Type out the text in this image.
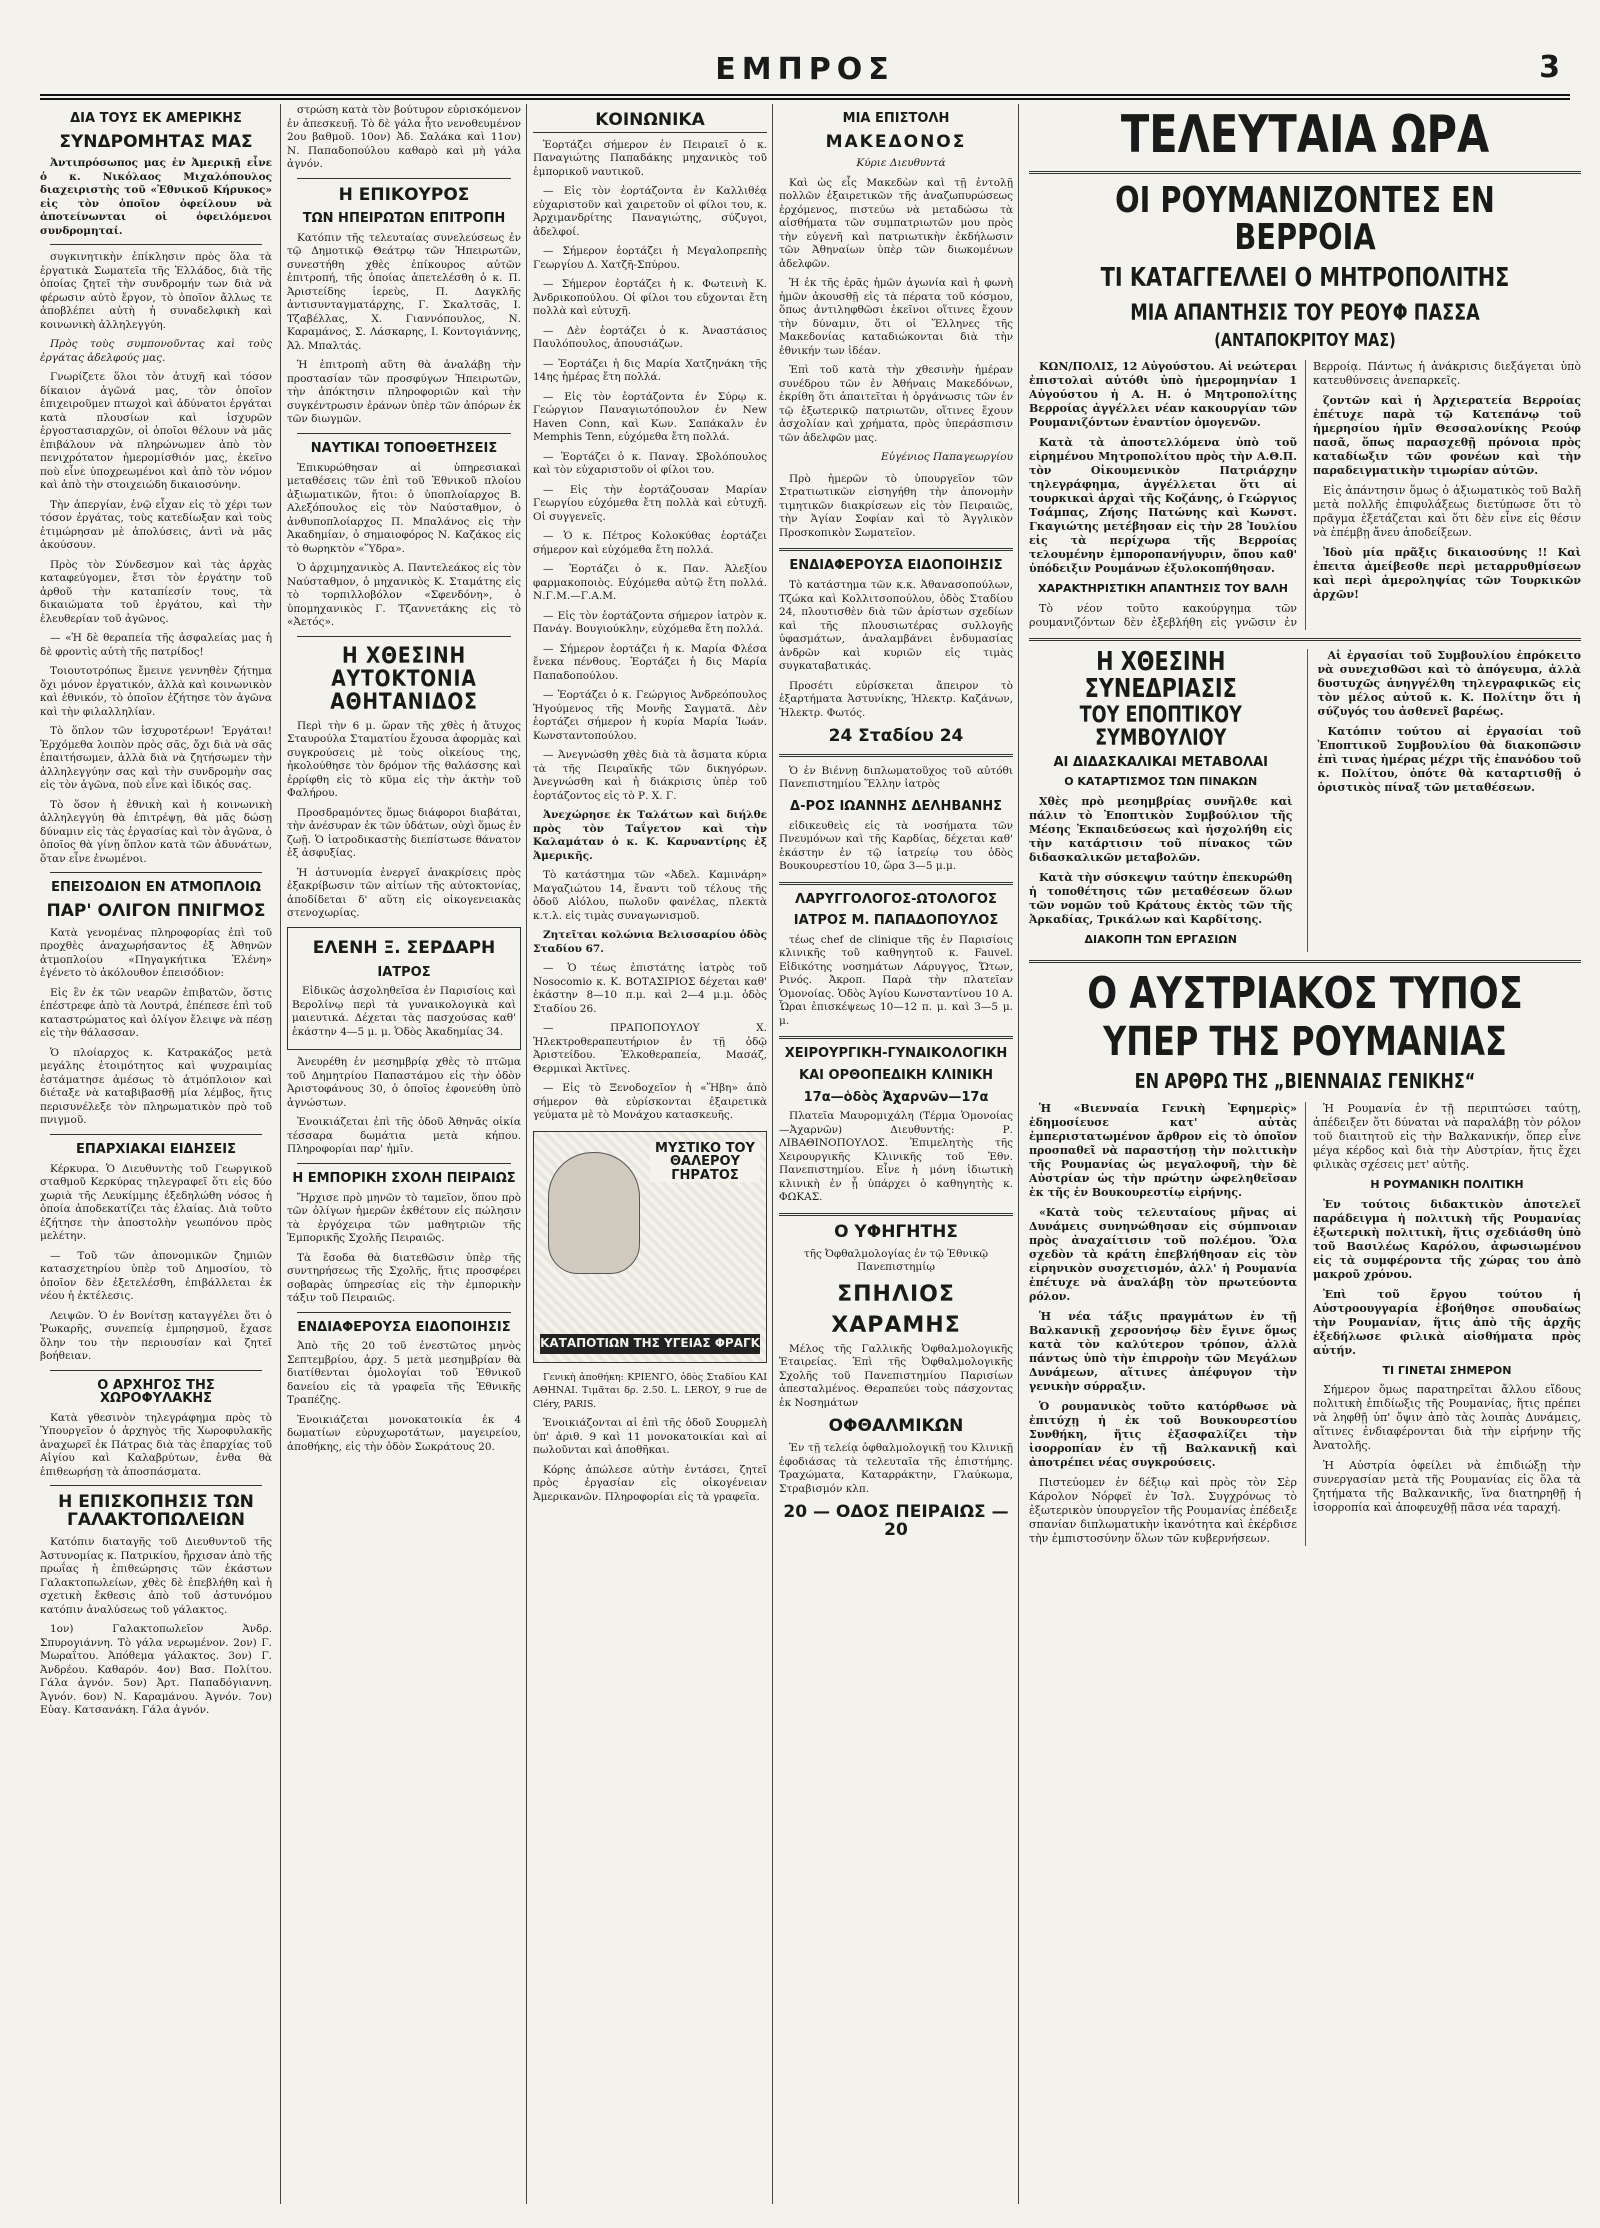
ΕΜΠΡΟΣ	3
ΔΙΑ ΤΟΥΣ ΕΚ ΑΜΕΡΙΚΗΣ
ΣΥΝΔΡΟΜΗΤΑΣ ΜΑΣ

Ἀντιπρόσωπος μας ἐν Ἀμερικῇ εἶνε ὁ κ. Νικόλαος Μιχαλόπουλος διαχειριστὴς τοῦ «Ἐθνικοῦ Κήρυκος» εἰς τὸν ὁποῖον ὀφείλουν νὰ ἀποτείνωνται οἱ ὀφειλόμενοι συνδρομηταί.

συγκινητικὴν ἐπίκλησιν πρὸς ὅλα τὰ ἐργατικὰ Σωματεῖα τῆς Ἑλλάδος, διὰ τῆς ὁποίας ζητεῖ τὴν συνδρομήν των διὰ νὰ φέρωσιν αὐτὸ ἔργον, τὸ ὁποῖον ἄλλως τε ἀποβλέπει αὐτὴ ἡ συναδελφικὴ καὶ κοινωνικὴ ἀλληλεγγύη.

Πρὸς τοὺς συμπονοῦντας καὶ τοὺς ἐργάτας ἀδελφούς μας.

Γνωρίζετε ὅλοι τὸν ἀτυχῆ καὶ τόσον δίκαιον ἀγῶνά μας, τὸν ὁποῖον ἐπιχειροῦμεν πτωχοὶ καὶ ἀδύνατοι ἐργάται κατὰ πλουσίων καὶ ἰσχυρῶν ἐργοστασιαρχῶν, οἱ ὁποῖοι θέλουν νὰ μᾶς ἐπιβάλουν νὰ πληρώνωμεν ἀπὸ τὸν πενιχρότατον ἡμερομίσθιόν μας, ἐκεῖνο ποὺ εἶνε ὑποχρεωμένοι καὶ ἀπὸ τὸν νόμον καὶ ἀπὸ τὴν στοιχειώδη δικαιοσύνην.

Τὴν ἀπεργίαν, ἐνῷ εἶχαν εἰς τὸ χέρι των τόσον ἐργάτας, τοὺς κατεδίωξαν καὶ τοὺς ἐτιμώρησαν μὲ ἀπολύσεις, ἀντὶ νὰ μᾶς ἀκούσουν.

Πρὸς τὸν Σύνδεσμον καὶ τὰς ἀρχὰς καταφεύγομεν, ἔτσι τὸν ἐργάτην τοῦ ἀρθοῦ τὴν καταπίεσίν τους, τὰ δικαιώματα τοῦ ἐργάτου, καὶ τὴν ἐλευθερίαν τοῦ ἀγῶνος.

— «Ἡ δὲ θεραπεία τῆς ἀσφαλείας μας ἡ δὲ φροντὶς αὐτὴ τῆς πατρίδος!

Τοιουτοτρόπως ἔμεινε γεννηθὲν ζήτημα ὄχι μόνον ἐργατικόν, ἀλλὰ καὶ κοινωνικὸν καὶ ἐθνικόν, τὸ ὁποῖον ἐζήτησε τὸν ἀγῶνα καὶ τὴν φιλαλληλίαν.

Τὸ ὅπλον τῶν ἰσχυροτέρων! Ἐργάται! Ἐρχόμεθα λοιπὸν πρὸς σᾶς, ὄχι διὰ νὰ σᾶς ἐπαιτήσωμεν, ἀλλὰ διὰ νὰ ζητήσωμεν τὴν ἀλληλεγγύην σας καὶ τὴν συνδρομὴν σας εἰς τὸν ἀγῶνα, ποὺ εἶνε καὶ ἰδικός σας.

Τὸ ὅσον ἡ ἐθνικὴ καὶ ἡ κοινωνικὴ ἀλληλεγγύη θὰ ἐπιτρέψῃ, θὰ μᾶς δώσῃ δύναμιν εἰς τὰς ἐργασίας καὶ τὸν ἀγῶνα, ὁ ὁποῖος θὰ γίνῃ ὅπλον κατὰ τῶν ἀδυνάτων, ὅταν εἶνε ἑνωμένοι.

ΕΠΕΙΣΟΔΙΟΝ ΕΝ ΑΤΜΟΠΛΟΙΩ
ΠΑΡ' ΟΛΙΓΟΝ ΠΝΙΓΜΟΣ

Κατὰ γενομένας πληροφορίας ἐπὶ τοῦ προχθὲς ἀναχωρήσαντος ἐξ Ἀθηνῶν ἀτμοπλοίου «Πηγαγκήτικα Ἑλένη» ἐγένετο τὸ ἀκόλουθον ἐπεισόδιον:

Εἰς ἓν ἐκ τῶν νεαρῶν ἐπιβατῶν, ὅστις ἐπέστρεφε ἀπὸ τὰ Λουτρά, ἐπέπεσε ἐπὶ τοῦ καταστρώματος καὶ ὀλίγον ἔλειψε νὰ πέσῃ εἰς τὴν θάλασσαν.

Ὁ πλοίαρχος κ. Κατρακάζος μετὰ μεγάλης ἑτοιμότητος καὶ ψυχραιμίας ἐστάματησε ἀμέσως τὸ ἀτμόπλοιον καὶ διέταξε νὰ καταβιβασθῇ μία λέμβος, ἥτις περισυνέλεξε τὸν πληρωματικὸν πρὸ τοῦ πνιγμοῦ.

ΕΠΑΡΧΙΑΚΑΙ ΕΙΔΗΣΕΙΣ

Κέρκυρα. Ὁ Διευθυντὴς τοῦ Γεωργικοῦ σταθμοῦ Κερκύρας τηλεγραφεῖ ὅτι εἰς δύο χωριὰ τῆς Λευκίμμης ἐξεδηλώθη νόσος ἡ ὁποία ἀποδεκατίζει τὰς ἐλαίας. Διὰ τοῦτο ἐζήτησε τὴν ἀποστολὴν γεωπόνου πρὸς μελέτην.

— Τοῦ τῶν ἀπονομικῶν ζημιῶν κατασχετηρίου ὑπὲρ τοῦ Δημοσίου, τὸ ὁποῖον δὲν ἐξετελέσθη, ἐπιβάλλεται ἐκ νέου ἡ ἐκτέλεσις.

Λειψῶν. Ὁ ἐν Βονίτσῃ καταγγέλει ὅτι ὁ Ῥωκαρῆς, συνεπείᾳ ἐμπρησμοῦ, ἔχασε ὅλην του τὴν περιουσίαν καὶ ζητεῖ βοήθειαν.

Ο ΑΡΧΗΓΟΣ ΤΗΣ ΧΩΡΟΦΥΛΑΚΗΣ

Κατὰ γθεσινὸν τηλεγράφημα πρὸς τὸ Ὑπουργεῖον ὁ ἀρχηγὸς τῆς Χωροφυλακῆς ἀναχωρεῖ ἐκ Πάτρας διὰ τὰς ἐπαρχίας τοῦ Αἰγίου καὶ Καλαβρύτων, ἐνθα θὰ ἐπιθεωρήσῃ τὰ ἀποσπάσματα.

Η ΕΠΙΣΚΟΠΗΣΙΣ ΤΩΝ ΓΑΛΑΚΤΟΠΩΛΕΙΩΝ

Κατόπιν διαταγῆς τοῦ Διευθυντοῦ τῆς Ἀστυνομίας κ. Πατρικίου, ἤρχισαν ἀπὸ τῆς πρωΐας ἡ ἐπιθεώρησις τῶν ἐκάστων Γαλακτοπωλείων, χθὲς δὲ ἐπεβλήθη καὶ ἡ σχετικὴ ἔκθεσις ἀπὸ τοῦ ἀστυνόμου κατόπιν ἀναλύσεως τοῦ γάλακτος.

1ον) Γαλακτοπωλεῖον Ἀνδρ. Σπυρογιάννη. Τὸ γάλα νερωμένον. 2ον) Γ. Μωραΐτου. Ἀπόθεμα γάλακτος. 3ον) Γ. Ἀνδρέου. Καθαρόν. 4ον) Βασ. Πολίτου. Γάλα ἀγνόν. 5ον) Ἀρτ. Παπαδόγιαννη. Ἀγνόν. 6ον) Ν. Καραμάνου. Ἀγνόν. 7ον) Εὐαγ. Κατσανάκη. Γάλα ἀγνόν.

στρώση κατὰ τὸν βούτυρον εὑρισκόμενον ἐν ἀπεσκευῇ. Τὸ δὲ γάλα ἦτο νενοθευμένον 2ου βαθμοῦ. 10ον) Ἀδ. Σαλάκα καὶ 11ον) Ν. Παπαδοπούλου καθαρὸ καὶ μὴ γάλα ἀγνόν.

Η ΕΠΙΚΟΥΡΟΣ
ΤΩΝ ΗΠΕΙΡΩΤΩΝ ΕΠΙΤΡΟΠΗ

Κατόπιν τῆς τελευταίας συνελεύσεως ἐν τῷ Δημοτικῷ Θεάτρῳ τῶν Ἠπειρωτῶν, συνεστήθη χθὲς ἐπίκουρος αὐτῶν ἐπιτροπή, τῆς ὁποίας ἀπετελέσθη ὁ κ. Π. Ἀριστείδης ἱερεὺς, Π. Δαγκλῆς ἀντισυνταγματάρχης, Γ. Σκαλτσᾶς, Ι. Τζαβέλλας, Χ. Γιαννόπουλος, Ν. Καραμάνος, Σ. Λάσκαρης, Ι. Κοντογιάννης, Ἀλ. Μπαλτάς.

Ἡ ἐπιτροπὴ αὕτη θὰ ἀναλάβῃ τὴν προστασίαν τῶν προσφύγων Ἠπειρωτῶν, τὴν ἀπόκτησιν πληροφοριῶν καὶ τὴν συγκέντρωσιν ἐράνων ὑπὲρ τῶν ἀπόρων ἐκ τῶν διωγμῶν.

ΝΑΥΤΙΚΑΙ ΤΟΠΟΘΕΤΗΣΕΙΣ

Ἐπικυρώθησαν αἱ ὑπηρεσιακαὶ μεταθέσεις τῶν ἐπὶ τοῦ Ἐθνικοῦ πλοίου ἀξιωματικῶν, ἤτοι: ὁ ὑποπλοίαρχος Β. Αλεξόπουλος εἰς τὸν Ναύσταθμον, ὁ ἀνθυποπλοίαρχος Π. Μπαλάνος εἰς τὴν Ἀκαδημίαν, ὁ σημαιοφόρος Ν. Καζάκος εἰς τὸ θωρηκτὸν «Ὕδρα».

Ὁ ἀρχιμηχανικὸς Α. Παντελεάκος εἰς τὸν Ναύσταθμον, ὁ μηχανικὸς Κ. Σταμάτης εἰς τὸ τορπιλλοβόλον «Σφενδόνη», ὁ ὑπομηχανικὸς Γ. Τζαννετάκης εἰς τὸ «Ἀετός».

Η ΧΘΕΣΙΝΗ ΑΥΤΟΚΤΟΝΙΑ ΑΘΗΤΑΝΙΔΟΣ

Περὶ τὴν 6 μ. ὥραν τῆς χθὲς ἡ ἄτυχος Σταυρούλα Σταματίου ἔχουσα ἀφορμὰς καὶ συγκρούσεις μὲ τοὺς οἰκείους της, ἠκολούθησε τὸν δρόμον τῆς θαλάσσης καὶ ἐρρίφθη εἰς τὸ κῦμα εἰς τὴν ἀκτὴν τοῦ Φαλήρου.

Προσδραμόντες ὅμως διάφοροι διαβάται, τὴν ἀνέσυραν ἐκ τῶν ὑδάτων, οὐχὶ ὅμως ἐν ζωῇ. Ὁ ἰατροδικαστὴς διεπίστωσε θάνατον ἐξ ἀσφυξίας.

Ἡ ἀστυνομία ἐνεργεῖ ἀνακρίσεις πρὸς ἐξακρίβωσιν τῶν αἰτίων τῆς αὐτοκτονίας, ἀποδίδεται δ' αὕτη εἰς οἰκογενειακὰς στενοχωρίας.

ΕΛΕΝΗ Ξ. ΣΕΡΔΑΡΗ
ΙΑΤΡΟΣ

Εἰδικῶς ἀσχοληθεῖσα ἐν Παρισίοις καὶ Βερολίνῳ περὶ τὰ γυναικολογικὰ καὶ μαιευτικά. Δέχεται τὰς πασχούσας καθ' ἑκάστην 4—5 μ. μ. Ὁδὸς Ἀκαδημίας 34.

Ἀνευρέθη ἐν μεσημβρίᾳ χθὲς τὸ πτῶμα τοῦ Δημητρίου Παπαστάμου εἰς τὴν ὁδὸν Ἀριστοφάνους 30, ὁ ὁποῖος ἐφονεύθη ὑπὸ ἀγνώστων.

Ἐνοικιάζεται ἐπὶ τῆς ὁδοῦ Ἀθηνᾶς οἰκία τέσσαρα δωμάτια μετὰ κήπου. Πληροφορίαι παρ' ἡμῖν.

Η ΕΜΠΟΡΙΚΗ ΣΧΟΛΗ ΠΕΙΡΑΙΩΣ

Ἤρχισε πρὸ μηνῶν τὸ ταμεῖον, ὅπου πρὸ τῶν ὀλίγων ἡμερῶν ἐκθέτουν εἰς πώλησιν τὰ ἐργόχειρα τῶν μαθητριῶν τῆς Ἐμπορικῆς Σχολῆς Πειραιῶς.

Τὰ ἔσοδα θὰ διατεθῶσιν ὑπὲρ τῆς συντηρήσεως τῆς Σχολῆς, ἥτις προσφέρει σοβαρὰς ὑπηρεσίας εἰς τὴν ἐμπορικὴν τάξιν τοῦ Πειραιῶς.

ΕΝΔΙΑΦΕΡΟΥΣΑ ΕΙΔΟΠΟΙΗΣΙΣ

Ἀπὸ τῆς 20 τοῦ ἐνεστῶτος μηνὸς Σεπτεμβρίου, ἀρχ. 5 μετὰ μεσημβρίαν θὰ διατίθενται ὁμολογίαι τοῦ Ἐθνικοῦ δανείου εἰς τὰ γραφεῖα τῆς Ἐθνικῆς Τραπέζης.

Ἐνοικιάζεται μονοκατοικία ἐκ 4 δωματίων εὐρυχωροτάτων, μαγειρείου, ἀποθήκης, εἰς τὴν ὁδὸν Σωκράτους 20.

ΚΟΙΝΩΝΙΚΑ

Ἑορτάζει σήμερον ἐν Πειραιεῖ ὁ κ. Παναγιώτης Παπαδάκης μηχανικὸς τοῦ ἐμπορικοῦ ναυτικοῦ.

— Εἰς τὸν ἑορτάζοντα ἐν Καλλιθέᾳ εὐχαριστοῦν καὶ χαιρετοῦν οἱ φίλοι του, κ. Ἀρχιμανδρίτης Παναγιώτης, σύζυγοι, ἀδελφοί.

— Σήμερον ἑορτάζει ἡ Μεγαλοπρεπὴς Γεωργίου Δ. Χατζῆ-Σπύρου.

— Σήμερον ἑορτάζει ἡ κ. Φωτεινὴ Κ. Ἀνδρικοπούλου. Οἱ φίλοι του εὔχονται ἔτη πολλὰ καὶ εὐτυχῆ.

— Δὲν ἑορτάζει ὁ κ. Ἀναστάσιος Παυλόπουλος, ἀπουσιάζων.

— Ἑορτάζει ἡ δις Μαρία Χατζηνάκη τῆς 14ης ἡμέρας ἔτη πολλά.

— Εἰς τὸν ἑορτάζοντα ἐν Σύρῳ κ. Γεώργιον Παναγιωτόπουλον ἐν New Haven Conn, καὶ Κων. Σαπάκαλν ἐν Memphis Tenn, εὐχόμεθα ἔτη πολλά.

— Ἑορτάζει ὁ κ. Παναγ. Σβολόπουλος καὶ τὸν εὐχαριστοῦν οἱ φίλοι του.

— Εἰς τὴν ἑορτάζουσαν Μαρίαν Γεωργίου εὐχόμεθα ἔτη πολλὰ καὶ εὐτυχῆ. Οἱ συγγενεῖς.

— Ὁ κ. Πέτρος Κολοκύθας ἑορτάζει σήμερον καὶ εὐχόμεθα ἔτη πολλά.

— Ἑορτάζει ὁ κ. Παν. Ἀλεξίου φαρμακοποιὸς. Εὐχόμεθα αὐτῷ ἔτη πολλά. Ν.Γ.Μ.—Γ.Α.Μ.

— Εἰς τὸν ἑορτάζοντα σήμερον ἰατρὸν κ. Πανάγ. Βουγιούκλην, εὐχόμεθα ἔτη πολλά.

— Σήμερον ἑορτάζει ἡ κ. Μαρία Φλέσα ἔνεκα πένθους. Ἑορτάζει ἡ δις Μαρία Παπαδοπούλου.

— Ἑορτάζει ὁ κ. Γεώργιος Ἀνδρεόπουλος Ἡγούμενος τῆς Μονῆς Σαγματᾶ. Δὲν ἑορτάζει σήμερον ἡ κυρία Μαρία Ἰωάν. Κωνσταντοπούλου.

— Ἀνεγνώσθη χθὲς διὰ τὰ ἄσματα κύρια τὰ τῆς Πειραϊκῆς τῶν δικηγόρων. Ἀνεγνώσθη καὶ ἡ διάκρισις ὑπὲρ τοῦ ἑορτάζοντος εἰς τὸ Ρ. Χ. Γ.

Ἀνεχώρησε ἐκ Ταλάτων καὶ διήλθε πρὸς τὸν Ταΐγετον καὶ τὴν Καλαμάταν ὁ κ. Κ. Καρυαντίρης ἐξ Ἀμερικῆς.

Τὸ κατάστημα τῶν «Ἀδελ. Καμινάρη» Μαγαζιώτου 14, ἔναντι τοῦ τέλους τῆς ὁδοῦ Αἰόλου, πωλοῦν φανέλας, πλεκτὰ κ.τ.λ. εἰς τιμὰς συναγωνισμοῦ.

Ζητεῖται κολώνια Βελισσαρίου ὁδὸς Σταδίου 67.

— Ὁ τέως ἐπιστάτης ἰατρὸς τοῦ Nosocomio κ. Κ. ΒΟΤΑΣΙΡΙΟΣ δέχεται καθ' ἑκάστην 8—10 π.μ. καὶ 2—4 μ.μ. ὁδὸς Σταδίου 26.

— ΠΡΑΠΟΠΟΥΛΟΥ Χ. Ἠλεκτροθεραπευτήριον ἐν τῇ ὁδῷ Ἀριστείδου. Ἐλκοθεραπεία, Μασάζ, Θερμικαὶ Ἀκτῖνες.

— Εἰς τὸ Ξενοδοχεῖον ἡ «Ἥβη» ἀπὸ σήμερον θὰ εὑρίσκονται ἐξαιρετικὰ γεύματα μὲ τὸ Μονάχου κατασκευῆς.

ΜΥΣΤΙΚΟ ΤΟΥ ΘΑΛΕΡΟΥ ΓΗΡΑΤΟΣ
ΚΑΤΑΠΟΤΙΩΝ ΤΗΣ ΥΓΕΙΑΣ ΦΡΑΓΚ

Γενικὴ ἀποθήκη: ΚΡΙΕΝΓΟ, ὁδὸς Σταδίου ΚΑΙ ΑΘΗΝΑΙ. Τιμᾶται δρ. 2.50. L. LEROY, 9 rue de Cléry, PARIS.

Ἐνοικιάζονται αἱ ἐπὶ τῆς ὁδοῦ Σουρμελὴ ὑπ' ἀριθ. 9 καὶ 11 μονοκατοικίαι καὶ αἱ πωλοῦνται καὶ ἀποθῆκαι.

Κόρης ἀπώλεσε αὐτὴν ἐντάσει, ζητεῖ πρὸς ἐργασίαν εἰς οἰκογένειαν Ἀμερικανῶν. Πληροφορίαι εἰς τὰ γραφεῖα.

ΜΙΑ ΕΠΙΣΤΟΛΗ
ΜΑΚΕΔΟΝΟΣ

Κύριε Διευθυντά

Καὶ ὡς εἷς Μακεδὼν καὶ τῇ ἐντολῇ πολλῶν ἐξαιρετικῶν τῆς ἀναζωπυρώσεως ἐρχόμενος, πιστεύω νὰ μεταδώσω τὰ αἰσθήματα τῶν συμπατριωτῶν μου πρὸς τὴν εὐγενῆ καὶ πατριωτικὴν ἐκδήλωσιν τῶν Ἀθηναίων ὑπὲρ τῶν διωκομένων ἀδελφῶν.

Ἡ ἐκ τῆς ἐρᾶς ἡμῶν ἀγωνία καὶ ἡ φωνὴ ἡμῶν ἀκουσθῇ εἰς τὰ πέρατα τοῦ κόσμου, ὅπως ἀντιληφθῶσι ἐκεῖνοι οἵτινες ἔχουν τὴν δύναμιν, ὅτι οἱ Ἕλληνες τῆς Μακεδονίας καταδιώκονται διὰ τὴν ἐθνικήν των ἰδέαν.

Ἐπὶ τοῦ κατὰ τὴν χθεσινὴν ἡμέραν συνέδρου τῶν ἐν Ἀθήναις Μακεδόνων, ἐκρίθη ὅτι ἀπαιτεῖται ἡ ὀργάνωσις τῶν ἐν τῷ ἐξωτερικῷ πατριωτῶν, οἵτινες ἔχουν ἀσχολίαν καὶ χρήματα, πρὸς ὑπεράσπισιν τῶν ἀδελφῶν μας.

Εὐγένιος Παπαγεωργίου

Πρὸ ἡμερῶν τὸ ὑπουργεῖον τῶν Στρατιωτικῶν εἰσηγήθη τὴν ἀπονομὴν τιμητικῶν διακρίσεων εἰς τὸν Πειραιῶς, τὴν Ἁγίαν Σοφίαν καὶ τὸ Ἀγγλικὸν Προσκοπικὸν Σωματεῖον.

ΕΝΔΙΑΦΕΡΟΥΣΑ ΕΙΔΟΠΟΙΗΣΙΣ

Τὸ κατάστημα τῶν κ.κ. Ἀθανασοπούλων, Τζώκα καὶ Κολλιτσοπούλου, ὁδὸς Σταδίου 24, πλουτισθὲν διὰ τῶν ἀρίστων σχεδίων καὶ τῆς πλουσιωτέρας συλλογῆς ὑφασμάτων, ἀναλαμβάνει ἐνδυμασίας ἀνδρῶν καὶ κυριῶν εἰς τιμὰς συγκαταβατικάς.

Προσέτι εὑρίσκεται ἄπειρον τὸ ἐξαρτήματα Ἀστυνίκης, Ἠλεκτρ. Καζάνων, Ἠλεκτρ. Φωτός.

24 Σταδίου 24

Ὁ ἐν Βιέννῃ διπλωματοῦχος τοῦ αὐτόθι Πανεπιστημίου Ἕλλην ἰατρὸς

Δ-ΡΟΣ ΙΩΑΝΝΗΣ ΔΕΛΗΒΑΝΗΣ

εἰδικευθεὶς εἰς τὰ νοσήματα τῶν Πνευμόνων καὶ τῆς Καρδίας, δέχεται καθ' ἑκάστην ἐν τῷ ἰατρείῳ του ὁδὸς Βουκουρεστίου 10, ὥρα 3—5 μ.μ.

ΛΑΡΥΓΓΟΛΟΓΟΣ-ΩΤΟΛΟΓΟΣ
ΙΑΤΡΟΣ Μ. ΠΑΠΑΔΟΠΟΥΛΟΣ

τέως chef de clinique τῆς ἐν Παρισίοις κλινικῆς τοῦ καθηγητοῦ κ. Fauvel. Εἰδικότης νοσημάτων Λάρυγγος, Ὤτων, Ρινός. Ἀκροπ. Παρὰ τὴν πλατεῖαν Ὁμονοίας. Ὁδὸς Ἁγίου Κωνσταντίνου 10 Α. Ὧραι ἐπισκέψεως 10—12 π. μ. καὶ 3—5 μ. μ.

ΧΕΙΡΟΥΡΓΙΚΗ-ΓΥΝΑΙΚΟΛΟΓΙΚΗ
ΚΑΙ ΟΡΘΟΠΕΔΙΚΗ ΚΛΙΝΙΚΗ
17α—ὁδὸς Ἀχαρνῶν—17α

Πλατεῖα Μαυρομιχάλη (Τέρμα Ὁμονοίας—Ἀχαρνῶν) Διευθυντής: Ρ. ΛΙΒΑΘΙΝΟΠΟΥΛΟΣ. Ἐπιμελητὴς τῆς Χειρουργικῆς Κλινικῆς τοῦ Ἐθν. Πανεπιστημίου. Εἶνε ἡ μόνη ἰδιωτικὴ κλινικὴ ἐν ᾗ ὑπάρχει ὁ καθηγητὴς κ. ΦΩΚΑΣ.

Ο ΥΦΗΓΗΤΗΣ

τῆς Ὀφθαλμολογίας ἐν τῷ Ἐθνικῷ Πανεπιστημίῳ

ΣΠΗΛΙΟΣ
ΧΑΡΑΜΗΣ

Μέλος τῆς Γαλλικῆς Ὀφθαλμολογικῆς Ἑταιρείας. Ἐπὶ τῆς Ὀφθαλμολογικῆς Σχολῆς τοῦ Πανεπιστημίου Παρισίων ἀπεσταλμένος. Θεραπεύει τοὺς πάσχοντας ἐκ Νοσημάτων

ΟΦΘΑΛΜΙΚΩΝ

Ἐν τῇ τελείᾳ ὀφθαλμολογικῇ του Κλινικῇ ἐφοδιάσας τὰ τελευταῖα τῆς ἐπιστήμης. Τραχώματα, Καταρράκτην, Γλαύκωμα, Στραβισμόν κλπ.

20 — ΟΔΟΣ ΠΕΙΡΑΙΩΣ — 20
ΤΕΛΕΥΤΑΙΑ ΩΡΑ
ΟΙ ΡΟΥΜΑΝΙΖΟΝΤΕΣ ΕΝ ΒΕΡΡΟΙΑ
ΤΙ ΚΑΤΑΓΓΕΛΛΕΙ Ο ΜΗΤΡΟΠΟΛΙΤΗΣ
ΜΙΑ ΑΠΑΝΤΗΣΙΣ ΤΟΥ ΡΕΟΥΦ ΠΑΣΣΑ
(ΑΝΤΑΠΟΚΡΙΤΟΥ ΜΑΣ)

ΚΩΝ/ΠΟΛΙΣ, 12 Αὐγούστου. Αἱ νεώτεραι ἐπιστολαὶ αὐτόθι ὑπὸ ἡμερομηνίαν 1 Αὐγούστου ἡ Α. Η. ὁ Μητροπολίτης Βερροίας ἀγγέλλει νέαν κακουργίαν τῶν Ρουμανιζόντων ἐναντίον ὁμογενῶν.

Κατὰ τὰ ἀποστελλόμενα ὑπὸ τοῦ εἰρημένου Μητροπολίτου πρὸς τὴν Α.Θ.Π. τὸν Οἰκουμενικὸν Πατριάρχην τηλεγράφημα, ἀγγέλλεται ὅτι αἱ τουρκικαὶ ἀρχαὶ τῆς Κοζάνης, ὁ Γεώργιος Τσάμπας, Ζήσης Πατώνης καὶ Κωνστ. Γκαγιώτης μετέβησαν εἰς τὴν 28 Ἰουλίου εἰς τὰ περίχωρα τῆς Βερροίας τελουμένην ἐμποροπανήγυριν, ὅπου καθ' ὑπόδειξιν Ρουμάνων ἐξυλοκοπήθησαν.

ΧΑΡΑΚΤΗΡΙΣΤΙΚΗ ΑΠΑΝΤΗΣΙΣ ΤΟΥ ΒΑΛΗ

Τὸ νέον τοῦτο κακούργημα τῶν ρουμανιζόντων δὲν ἐξεβλήθη εἰς γνῶσιν ἐν Βερροίᾳ. Πάντως ἡ ἀνάκρισις διεξάγεται ὑπὸ κατευθύνσεις ἀνεπαρκεῖς.

ζοντῶν καὶ ἡ Ἀρχιερατεία Βερροίας ἐπέτυχε παρὰ τῷ Κατεπάνῳ τοῦ ἡμερησίου ἡμῖν Θεσσαλονίκης Ρεούφ πασᾶ, ὅπως παρασχεθῇ πρόνοια πρὸς καταδίωξιν τῶν φονέων καὶ τὴν παραδειγματικὴν τιμωρίαν αὐτῶν.

Εἰς ἀπάντησιν ὅμως ὁ ἀξιωματικὸς τοῦ Βαλῆ μετὰ πολλῆς ἐπιφυλάξεως διετύπωσε ὅτι τὸ πρᾶγμα ἐξετάζεται καὶ ὅτι δὲν εἶνε εἰς θέσιν νὰ ἐπέμβῃ ἄνευ ἀποδείξεων.

Ἰδοὺ μία πρᾶξις δικαιοσύνης !! Καὶ ἐπειτα ἀμείβεσθε περὶ μεταρρυθμίσεων καὶ περὶ ἀμεροληψίας τῶν Τουρκικῶν ἀρχῶν!

Η ΧΘΕΣΙΝΗ ΣΥΝΕΔΡΙΑΣΙΣ
ΤΟΥ ΕΠΟΠΤΙΚΟΥ ΣΥΜΒΟΥΛΙΟΥ
ΑΙ ΔΙΔΑΣΚΑΛΙΚΑΙ ΜΕΤΑΒΟΛΑΙ
Ο ΚΑΤΑΡΤΙΣΜΟΣ ΤΩΝ ΠΙΝΑΚΩΝ

Χθὲς πρὸ μεσημβρίας συνῆλθε καὶ πάλιν τὸ Ἐποπτικὸν Συμβούλιον τῆς Μέσης Ἐκπαιδεύσεως καὶ ἠσχολήθη εἰς τὴν κατάρτισιν τοῦ πίνακος τῶν διδασκαλικῶν μεταβολῶν.

Κατὰ τὴν σύσκεψιν ταύτην ἐπεκυρώθη ἡ τοποθέτησις τῶν μεταθέσεων ὅλων τῶν νομῶν τοῦ Κράτους ἐκτὸς τῶν τῆς Ἀρκαδίας, Τρικάλων καὶ Καρδίτσης.

ΔΙΑΚΟΠΗ ΤΩΝ ΕΡΓΑΣΙΩΝ

Αἱ ἐργασίαι τοῦ Συμβουλίου ἐπρόκειτο νὰ συνεχισθῶσι καὶ τὸ ἀπόγευμα, ἀλλὰ δυστυχῶς ἀνηγγέλθη τηλεγραφικῶς εἰς τὸν μέλος αὐτοῦ κ. Κ. Πολίτην ὅτι ἡ σύζυγός του ἀσθενεῖ βαρέως.

Κατόπιν τούτου αἱ ἐργασίαι τοῦ Ἐποπτικοῦ Συμβουλίου θὰ διακοπῶσιν ἐπὶ τινας ἡμέρας μέχρι τῆς ἐπανόδου τοῦ κ. Πολίτου, ὁπότε θὰ καταρτισθῇ ὁ ὁριστικὸς πίναξ τῶν μεταθέσεων.

Ο ΑΥΣΤΡΙΑΚΟΣ ΤΥΠΟΣ
ΥΠΕΡ ΤΗΣ ΡΟΥΜΑΝΙΑΣ
ΕΝ ΑΡΘΡΩ ΤΗΣ „ΒΙΕΝΝΑΙΑΣ ΓΕΝΙΚΗΣ“

Ἡ «Βιενναία Γενικὴ Ἐφημερὶς» ἐδημοσίευσε κατ' αὐτὰς ἐμπεριστατωμένον ἄρθρον εἰς τὸ ὁποῖον προσπαθεῖ νὰ παραστήσῃ τὴν πολιτικὴν τῆς Ρουμανίας ὡς μεγαλοφυῆ, τὴν δὲ Αὐστρίαν ὡς τὴν πρώτην ὠφεληθεῖσαν ἐκ τῆς ἐν Βουκουρεστίῳ εἰρήνης.

«Κατὰ τοὺς τελευταίους μῆνας αἱ Δυνάμεις συνηνώθησαν εἰς σύμπνοιαν πρὸς ἀναχαίτισιν τοῦ πολέμου. Ὅλα σχεδὸν τὰ κράτη ἐπεβλήθησαν εἰς τὸν εἰρηνικὸν συσχετισμόν, ἀλλ' ἡ Ρουμανία ἐπέτυχε νὰ ἀναλάβῃ τὸν πρωτεύοντα ρόλον.

Ἡ νέα τάξις πραγμάτων ἐν τῇ Βαλκανικῇ χερσονήσῳ δὲν ἔγινε ὅμως κατὰ τὸν καλύτερον τρόπον, ἀλλὰ πάντως ὑπὸ τὴν ἐπιρροὴν τῶν Μεγάλων Δυνάμεων, αἵτινες ἀπέφυγον τὴν γενικὴν σύρραξιν.

Ὁ ρουμανικὸς τοῦτο κατόρθωσε νὰ ἐπιτύχῃ ἡ ἐκ τοῦ Βουκουρεστίου Συνθήκη, ἥτις ἐξασφαλίζει τὴν ἰσορροπίαν ἐν τῇ Βαλκανικῇ καὶ ἀποτρέπει νέας συγκρούσεις.

Πιστεύομεν ἐν δέξιῳ καὶ πρὸς τὸν Σὲρ Κάρολον Νόρφεϊ ἐν Ἰσλ. Συγχρόνως τὸ ἐξωτερικὸν ὑπουργεῖον τῆς Ρουμανίας ἐπέδειξε σπανίαν διπλωματικὴν ἱκανότητα καὶ ἐκέρδισε τὴν ἐμπιστοσύνην ὅλων τῶν κυβερνήσεων.

Ἡ Ρουμανία ἐν τῇ περιπτώσει ταύτῃ, ἀπέδειξεν ὅτι δύναται νὰ παραλάβῃ τὸν ρόλον τοῦ διαιτητοῦ εἰς τὴν Βαλκανικήν, ὅπερ εἶνε μέγα κέρδος καὶ διὰ τὴν Αὐστρίαν, ἥτις ἔχει φιλικὰς σχέσεις μετ' αὐτῆς.

Η ΡΟΥΜΑΝΙΚΗ ΠΟΛΙΤΙΚΗ

Ἐν τούτοις διδακτικὸν ἀποτελεῖ παράδειγμα ἡ πολιτικὴ τῆς Ρουμανίας ἐξωτερικὴ πολιτικὴ, ἥτις σχεδιάσθη ὑπὸ τοῦ Βασιλέως Καρόλου, ἀφωσιωμένου εἰς τὰ συμφέροντα τῆς χώρας του ἀπὸ μακροῦ χρόνου.

Ἐπὶ τοῦ ἔργου τούτου ἡ Αὐστροουγγαρία ἐβοήθησε σπουδαίως τὴν Ρουμανίαν, ἥτις ἀπὸ τῆς ἀρχῆς ἐξεδήλωσε φιλικὰ αἰσθήματα πρὸς αὐτήν.

ΤΙ ΓΙΝΕΤΑΙ ΣΗΜΕΡΟΝ

Σήμερον ὅμως παρατηρεῖται ἄλλου εἴδους πολιτικὴ ἐπιδίωξις τῆς Ρουμανίας, ἥτις πρέπει νὰ ληφθῇ ὑπ' ὄψιν ἀπὸ τὰς λοιπὰς Δυνάμεις, αἵτινες ἐνδιαφέρονται διὰ τὴν εἰρήνην τῆς Ἀνατολῆς.

Ἡ Αὐστρία ὀφείλει νὰ ἐπιδιώξῃ τὴν συνεργασίαν μετὰ τῆς Ρουμανίας εἰς ὅλα τὰ ζητήματα τῆς Βαλκανικῆς, ἵνα διατηρηθῇ ἡ ἰσορροπία καὶ ἀποφευχθῇ πᾶσα νέα ταραχή.
